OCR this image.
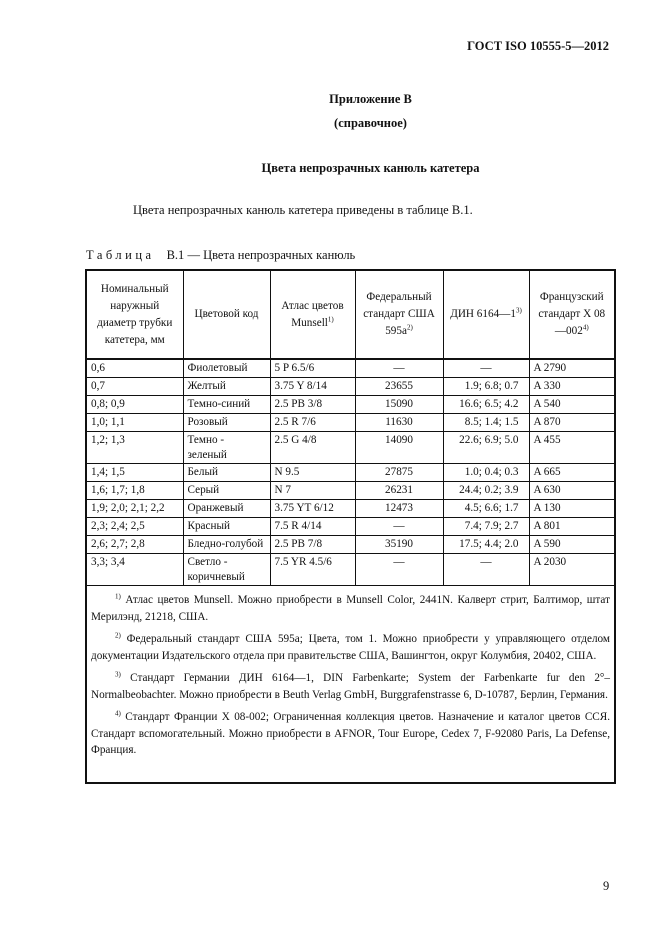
ГОСТ ISO 10555-5—2012
Приложение В
(справочное)
Цвета непрозрачных канюль катетера
Цвета непрозрачных канюль катетера приведены в таблице В.1.
Таблица В.1 — Цвета непрозрачных канюль
Номинальный наружный диаметр трубки катетера, мм	Цветовой код	Атлас цветов Munsell$^{1)}$	Федеральный стандарт США $595a^{2)}$	ДИН 6164—1$^{3)}$	Французский стандарт X 08—002$^{4)}$
0,6	Фиолетовый	5 P 6.5/6	—	—	A 2790
0,7	Желтый	3.75 Y 8/14	23655	1.9; 6.8; 0.7	A 330
0,8; 0,9	Темно-синий	2.5 PB 3/8	15090	16.6; 6.5; 4.2	A 540
1,0; 1,1	Розовый	2.5 R 7/6	11630	8.5; 1.4; 1.5	A 870
1,2; 1,3	Темно - зеленый	2.5 G 4/8	14090	22.6; 6.9; 5.0	A 455
1,4; 1,5	Белый	N 9.5	27875	1.0; 0.4; 0.3	A 665
1,6; 1,7; 1,8	Серый	N 7	26231	24.4; 0.2; 3.9	A 630
1,9; 2,0; 2,1; 2,2	Оранжевый	3.75 YT 6/12	12473	4.5; 6.6; 1.7	A 130
2,3; 2,4; 2,5	Красный	7.5 R 4/14	—	7.4; 7.9; 2.7	A 801
2,6; 2,7; 2,8	Бледно-голубой	2.5 PB 7/8	35190	17.5; 4.4; 2.0	A 590
3,3; 3,4	Светло - коричневый	7.5 YR 4.5/6	—	—	A 2030
$^{1)}$ Атлас цветов Munsell. Можно приобрести в Munsell Color, 2441N. Калверт стрит, Балтимор, штат Мерилэнд, 21218, США.
$^{2)}$ Федеральный стандарт США 595а; Цвета, том 1. Можно приобрести у управляющего отделом документации Издательского отдела при правительстве США, Вашингтон, округ Колумбия, 20402, США.
$^{3)}$ Стандарт Германии ДИН 6164—1, DIN Farbenkarte; System der Farbenkarte fur den 2°–Normalbeobachter. Можно приобрести в Beuth Verlag GmbH, Burggrafenstrasse 6, D-10787, Берлин, Германия.
$^{4)}$ Стандарт Франции Х 08-002; Ограниченная коллекция цветов. Назначение и каталог цветов ССЯ. Стандарт вспомогательный. Можно приобрести в AFNOR, Tour Europe, Cedex 7, F-92080 Paris, La Defense, Франция.
9
